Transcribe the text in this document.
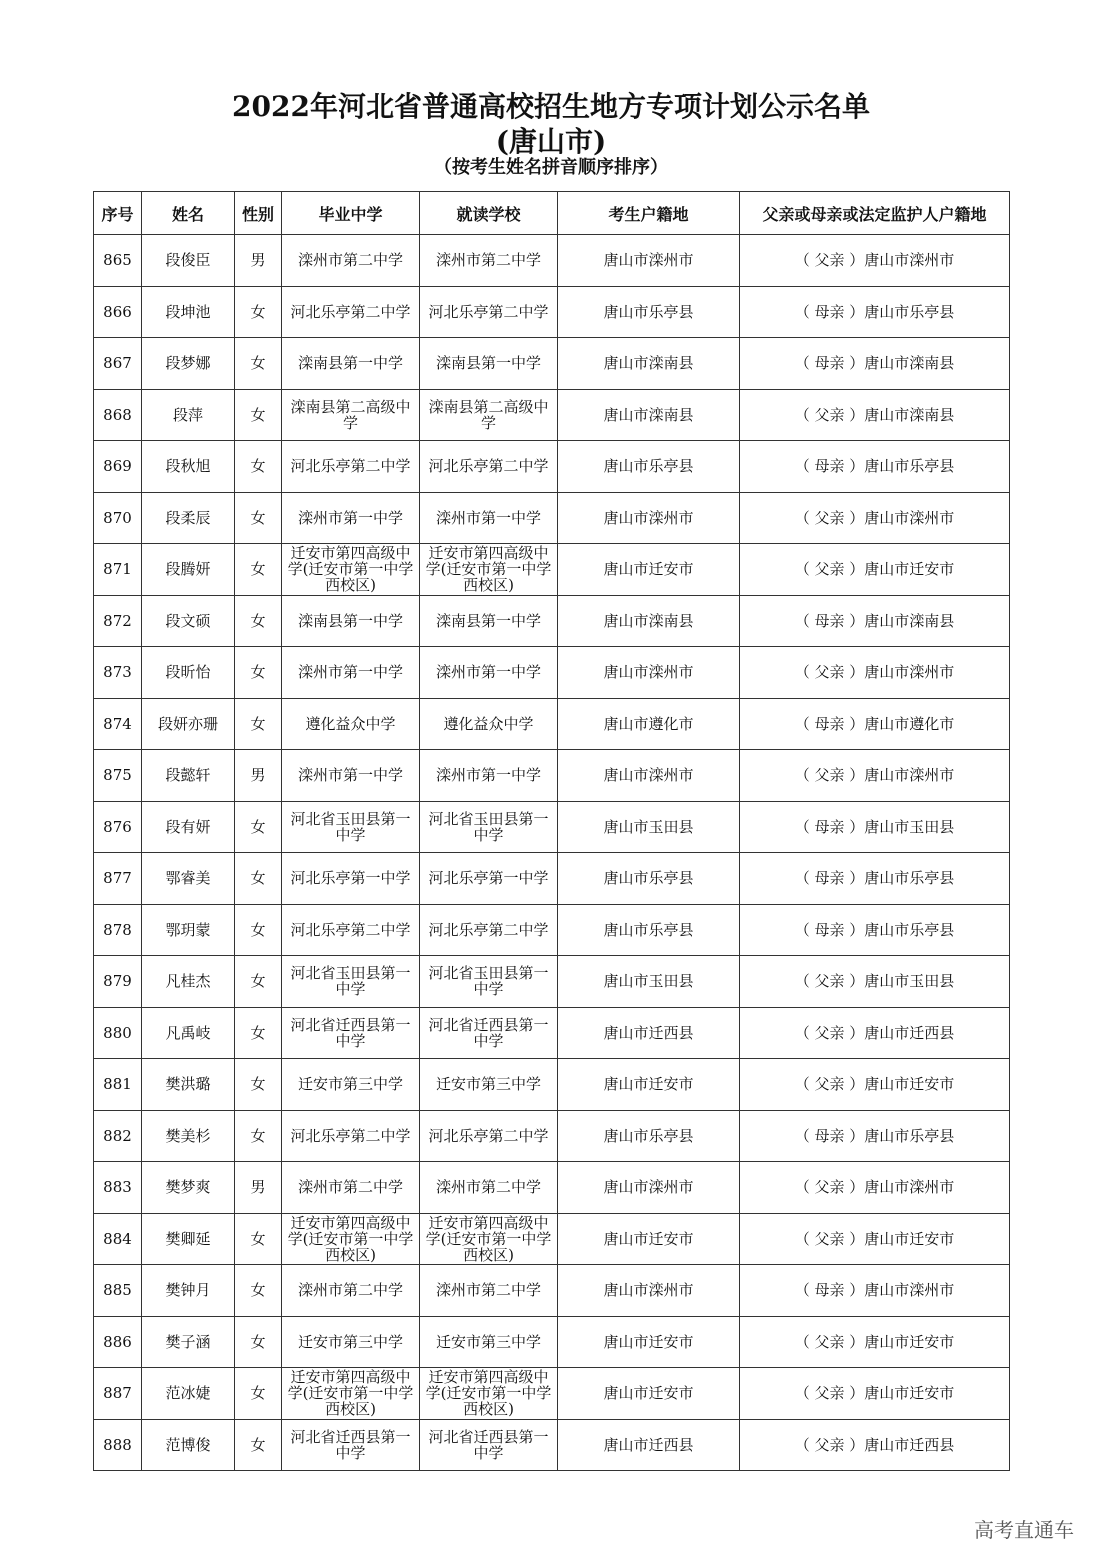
2022年河北省普通高校招生地方专项计划公示名单
(唐山市)
（按考生姓名拼音顺序排序）
序号	姓名	性别	毕业中学	就读学校	考生户籍地	父亲或母亲或法定监护人户籍地
865	段俊臣	男	滦州市第二中学	滦州市第二中学	唐山市滦州市	（ 父亲 ）唐山市滦州市
866	段坤池	女	河北乐亭第二中学	河北乐亭第二中学	唐山市乐亭县	（ 母亲 ）唐山市乐亭县
867	段梦娜	女	滦南县第一中学	滦南县第一中学	唐山市滦南县	（ 母亲 ）唐山市滦南县
868	段萍	女	滦南县第二高级中学	滦南县第二高级中学	唐山市滦南县	（ 父亲 ）唐山市滦南县
869	段秋旭	女	河北乐亭第二中学	河北乐亭第二中学	唐山市乐亭县	（ 母亲 ）唐山市乐亭县
870	段柔辰	女	滦州市第一中学	滦州市第一中学	唐山市滦州市	（ 父亲 ）唐山市滦州市
871	段腾妍	女	迁安市第四高级中学(迁安市第一中学西校区)	迁安市第四高级中学(迁安市第一中学西校区)	唐山市迁安市	（ 父亲 ）唐山市迁安市
872	段文硕	女	滦南县第一中学	滦南县第一中学	唐山市滦南县	（ 母亲 ）唐山市滦南县
873	段昕怡	女	滦州市第一中学	滦州市第一中学	唐山市滦州市	（ 父亲 ）唐山市滦州市
874	段妍亦珊	女	遵化益众中学	遵化益众中学	唐山市遵化市	（ 母亲 ）唐山市遵化市
875	段懿轩	男	滦州市第一中学	滦州市第一中学	唐山市滦州市	（ 父亲 ）唐山市滦州市
876	段有妍	女	河北省玉田县第一中学	河北省玉田县第一中学	唐山市玉田县	（ 母亲 ）唐山市玉田县
877	鄂睿美	女	河北乐亭第一中学	河北乐亭第一中学	唐山市乐亭县	（ 母亲 ）唐山市乐亭县
878	鄂玥蒙	女	河北乐亭第二中学	河北乐亭第二中学	唐山市乐亭县	（ 母亲 ）唐山市乐亭县
879	凡桂杰	女	河北省玉田县第一中学	河北省玉田县第一中学	唐山市玉田县	（ 父亲 ）唐山市玉田县
880	凡禹岐	女	河北省迁西县第一中学	河北省迁西县第一中学	唐山市迁西县	（ 父亲 ）唐山市迁西县
881	樊洪璐	女	迁安市第三中学	迁安市第三中学	唐山市迁安市	（ 父亲 ）唐山市迁安市
882	樊美杉	女	河北乐亭第二中学	河北乐亭第二中学	唐山市乐亭县	（ 母亲 ）唐山市乐亭县
883	樊梦爽	男	滦州市第二中学	滦州市第二中学	唐山市滦州市	（ 父亲 ）唐山市滦州市
884	樊卿延	女	迁安市第四高级中学(迁安市第一中学西校区)	迁安市第四高级中学(迁安市第一中学西校区)	唐山市迁安市	（ 父亲 ）唐山市迁安市
885	樊钟月	女	滦州市第二中学	滦州市第二中学	唐山市滦州市	（ 母亲 ）唐山市滦州市
886	樊子涵	女	迁安市第三中学	迁安市第三中学	唐山市迁安市	（ 父亲 ）唐山市迁安市
887	范冰婕	女	迁安市第四高级中学(迁安市第一中学西校区)	迁安市第四高级中学(迁安市第一中学西校区)	唐山市迁安市	（ 父亲 ）唐山市迁安市
888	范博俊	女	河北省迁西县第一中学	河北省迁西县第一中学	唐山市迁西县	（ 父亲 ）唐山市迁西县
高考直通车
